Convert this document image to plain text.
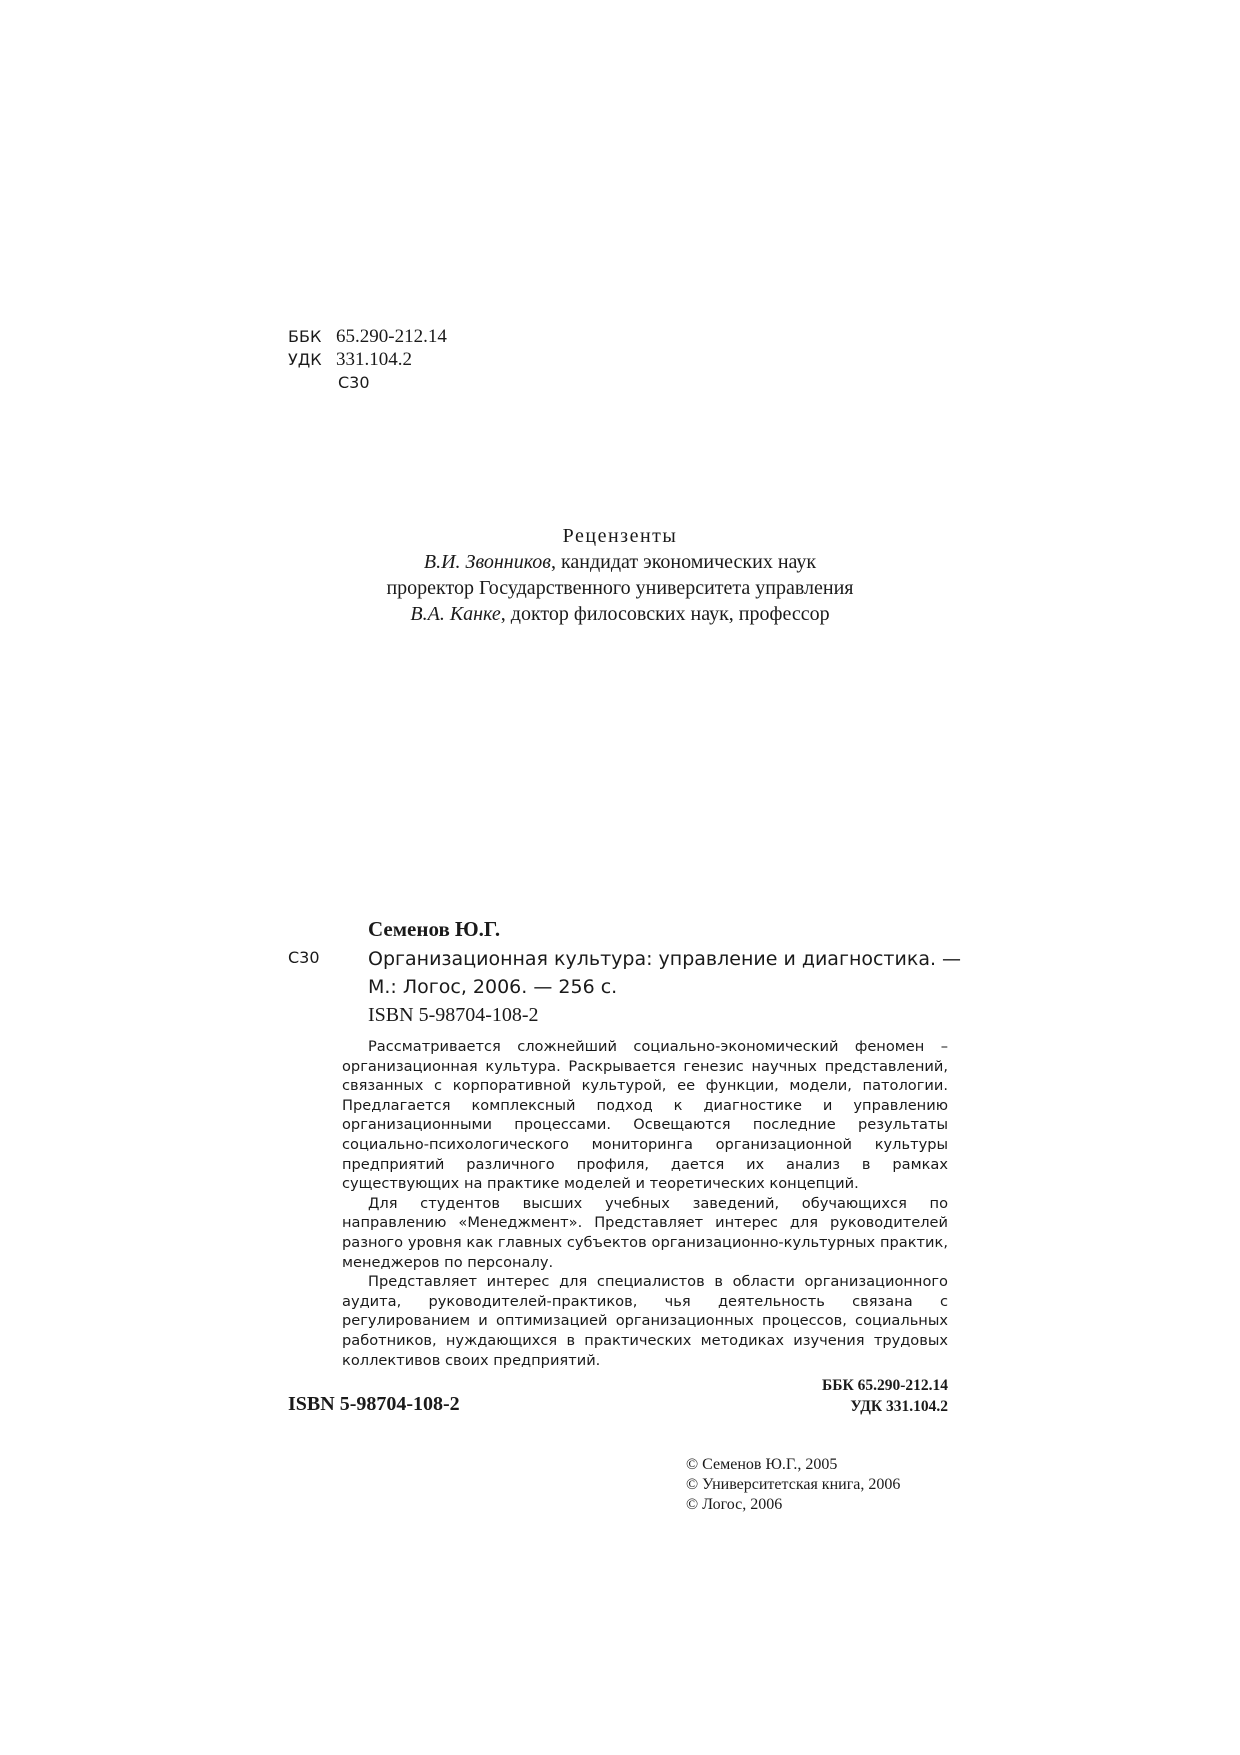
ББК 65.290-212.14
УДК 331.104.2
С30
Рецензенты
В.И. Звонников, кандидат экономических наук
проректор Государственного университета управления
В.А. Канке, доктор филосовских наук, профессор
Семенов Ю.Г.
С30	Организационная культура: управление и диагностика. —
М.: Логос, 2006. — 256 с.
ISBN 5-98704-108-2

Рассматривается сложнейший социально-экономический феномен – организационная культура. Раскрывается генезис научных представлений, связанных с корпоративной культурой, ее функции, модели, патологии. Предлагается комплексный подход к диагностике и управлению организационными процессами. Освещаются последние результаты социально-психологического мониторинга организационной культуры предприятий различного профиля, дается их анализ в рамках существующих на практике моделей и теоретических концепций.

Для студентов высших учебных заведений, обучающихся по направлению «Менеджмент». Представляет интерес для руководителей разного уровня как главных субъектов организационно-культурных практик, менеджеров по персоналу.

Представляет интерес для специалистов в области организационного аудита, руководителей-практиков, чья деятельность связана с регулированием и оптимизацией организационных процессов, социальных работников, нуждающихся в практических методиках изучения трудовых коллективов своих предприятий.

ББК 65.290-212.14
УДК 331.104.2
ISBN 5-98704-108-2
© Семенов Ю.Г., 2005
© Университетская книга, 2006
© Логос, 2006
